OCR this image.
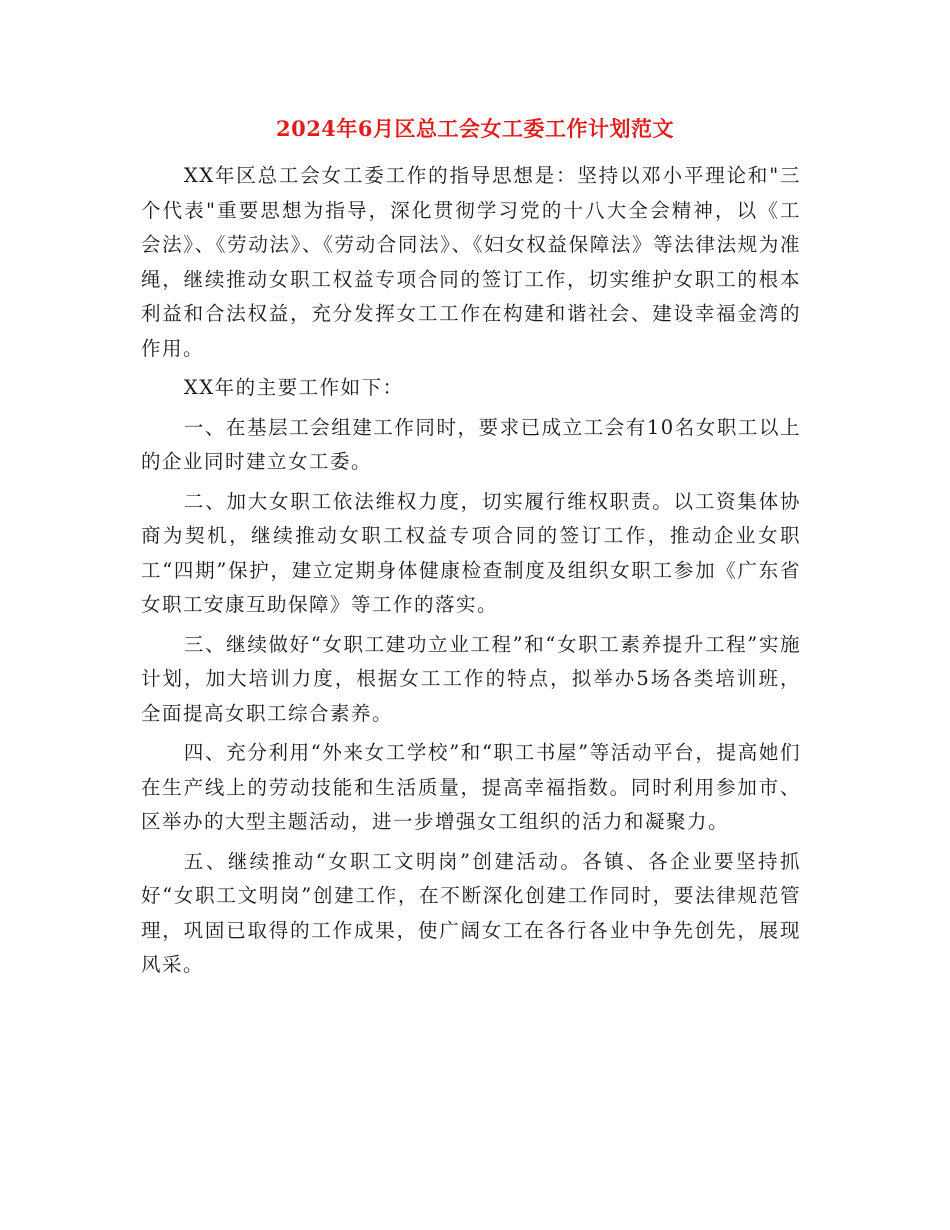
2024年6月区总工会女工委工作计划范文

XX年区总工会女工委工作的指导思想是：坚持以邓小平理论和"三个代表"重要思想为指导，深化贯彻学习党的十八大全会精神，以《工会法》、《劳动法》、《劳动合同法》、《妇女权益保障法》等法律法规为准绳，继续推动女职工权益专项合同的签订工作，切实维护女职工的根本利益和合法权益，充分发挥女工工作在构建和谐社会、建设幸福金湾的作用。

XX年的主要工作如下：

一、在基层工会组建工作同时，要求已成立工会有10名女职工以上的企业同时建立女工委。

二、加大女职工依法维权力度，切实履行维权职责。以工资集体协商为契机，继续推动女职工权益专项合同的签订工作，推动企业女职工“四期”保护，建立定期身体健康检查制度及组织女职工参加《广东省女职工安康互助保障》等工作的落实。

三、继续做好“女职工建功立业工程”和“女职工素养提升工程”实施计划，加大培训力度，根据女工工作的特点，拟举办5场各类培训班，全面提高女职工综合素养。

四、充分利用“外来女工学校”和“职工书屋”等活动平台，提高她们在生产线上的劳动技能和生活质量，提高幸福指数。同时利用参加市、区举办的大型主题活动，进一步增强女工组织的活力和凝聚力。

五、继续推动“女职工文明岗”创建活动。各镇、各企业要坚持抓好“女职工文明岗”创建工作，在不断深化创建工作同时，要法律规范管理，巩固已取得的工作成果，使广阔女工在各行各业中争先创先，展现风采。
